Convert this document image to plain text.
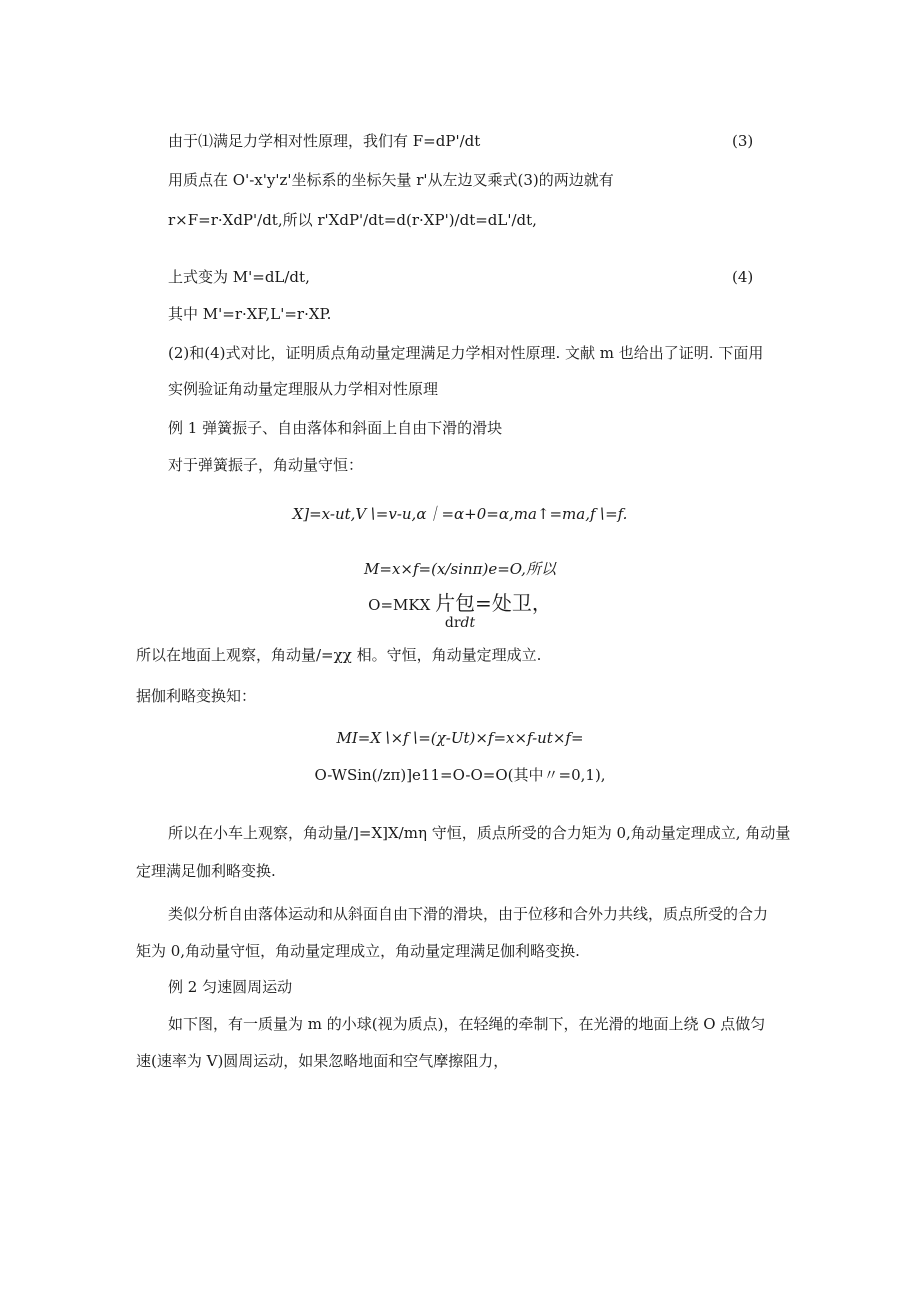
由于⑴满足力学相对性原理，我们有 F=dP'/dt	(3)
用质点在 O'-x'y'z'坐标系的坐标矢量 r'从左边叉乘式(3)的两边就有
r×F=r·XdP'/dt,所以 r'XdP'/dt=d(r·XP')/dt=dL'/dt,
上式变为 M'=dL/dt,	(4)
其中 M'=r·XF,L'=r·XP.
(2)和(4)式对比，证明质点角动量定理满足力学相对性原理. 文献 m 也给出了证明. 下面用
实例验证角动量定理服从力学相对性原理
例 1 弹簧振子、自由落体和斜面上自由下滑的滑块
对于弹簧振子，角动量守恒：
X]=x-ut,V∖=v-u,α｜=α+0=α,ma↑=ma,f∖=f.
M=x×f=(x/sinπ)e=O,所以
O=MKX 片包=处卫，
drdt
所以在地面上观察，角动量/=χχ 相。守恒，角动量定理成立.
据伽利略变换知：
MI=X∖×f∖=(χ-Ut)×f=x×f-ut×f=
O-WSin(/zπ)]e11=O-O=O(其中〃=0,1),
所以在小车上观察，角动量/]=X]X/mη 守恒，质点所受的合力矩为 0,角动量定理成立, 角动量
定理满足伽利略变换.
类似分析自由落体运动和从斜面自由下滑的滑块，由于位移和合外力共线，质点所受的合力
矩为 0,角动量守恒，角动量定理成立，角动量定理满足伽利略变换.
例 2 匀速圆周运动
如下图，有一质量为 m 的小球(视为质点)，在轻绳的牵制下，在光滑的地面上绕 O 点做匀
速(速率为 V)圆周运动，如果忽略地面和空气摩擦阻力，
